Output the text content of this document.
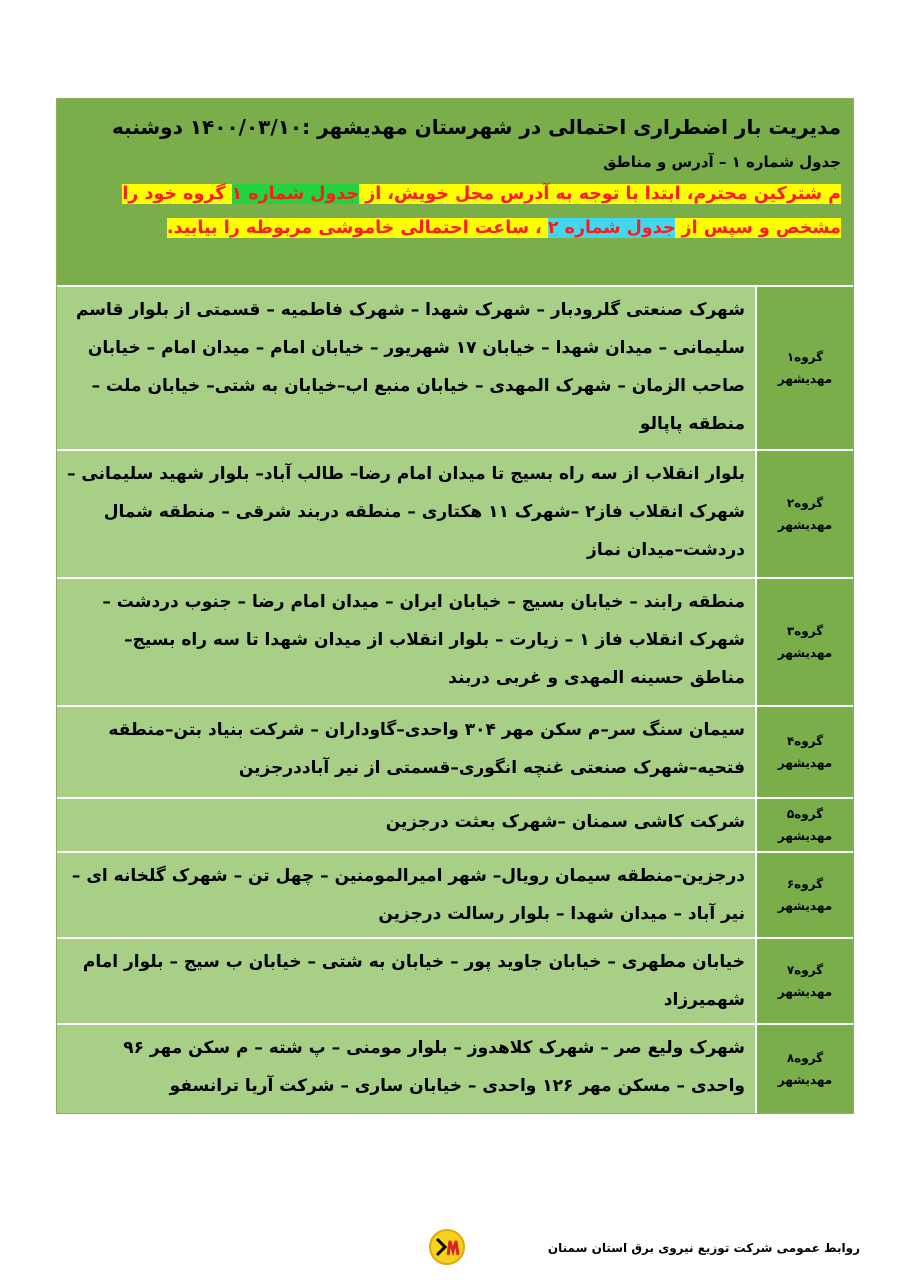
مدیریت بار اضطراری احتمالی در شهرستان مهدیشهر :۱۴۰۰/۰۳/۱۰ دوشنبه
جدول شماره ۱ – آدرس و مناطق
م شترکین محترم، ابتدا با توجه به آدرس محل خویش، از جدول شماره ۱ گروه خود را مشخص و سپس از جدول شماره ۲ ، ساعت احتمالی خاموشی مربوطه را بیابید.
گروه۱
مهدیشهر
شهرک صنعتی گلرودبار – شهرک شهدا – شهرک فاطمیه – قسمتی از بلوار قاسم سلیمانی – میدان شهدا – خیابان ۱۷ شهریور – خیابان امام – میدان امام – خیابان صاحب الزمان – شهرک المهدی – خیابان منبع اب–خیابان به شتی– خیابان ملت – منطقه پاپالو
گروه۲
مهدیشهر
بلوار انقلاب از سه راه بسیج تا میدان امام رضا– طالب آباد– بلوار شهید سلیمانی – شهرک انقلاب فاز۲ –شهرک ۱۱ هکتاری – منطقه دربند شرقی – منطقه شمال دردشت–میدان نماز
گروه۳
مهدیشهر
منطقه رابند – خیابان بسیج – خیابان ایران – میدان امام رضا – جنوب دردشت – شهرک انقلاب فاز ۱ – زیارت – بلوار انقلاب از میدان شهدا تا سه راه بسیج– مناطق حسینه المهدی و غربی دربند
گروه۴
مهدیشهر
سیمان سنگ سر–م سکن مهر ۳۰۴ واحدی–گاوداران – شرکت بنیاد بتن–منطقه فتحیه–شهرک صنعتی غنچه انگوری–قسمتی از نیر آباددرجزین
گروه۵
مهدیشهر
شرکت کاشی سمنان –شهرک بعثت درجزین
گروه۶
مهدیشهر
درجزین–منطقه سیمان رویال– شهر امیرالمومنین – چهل تن – شهرک گلخانه ای – نیر آباد – میدان شهدا – بلوار رسالت درجزین
گروه۷
مهدیشهر
خیابان مطهری – خیابان جاوید پور – خیابان به شتی – خیابان ب سیج – بلوار امام شهمیرزاد
گروه۸
مهدیشهر
شهرک ولیع صر – شهرک کلاهدوز – بلوار مومنی – پ شته – م سکن مهر ۹۶ واحدی – مسکن مهر ۱۲۶ واحدی – خیابان ساری – شرکت آریا ترانسفو
روابط عمومی شرکت توزیع نیروی برق استان سمنان
